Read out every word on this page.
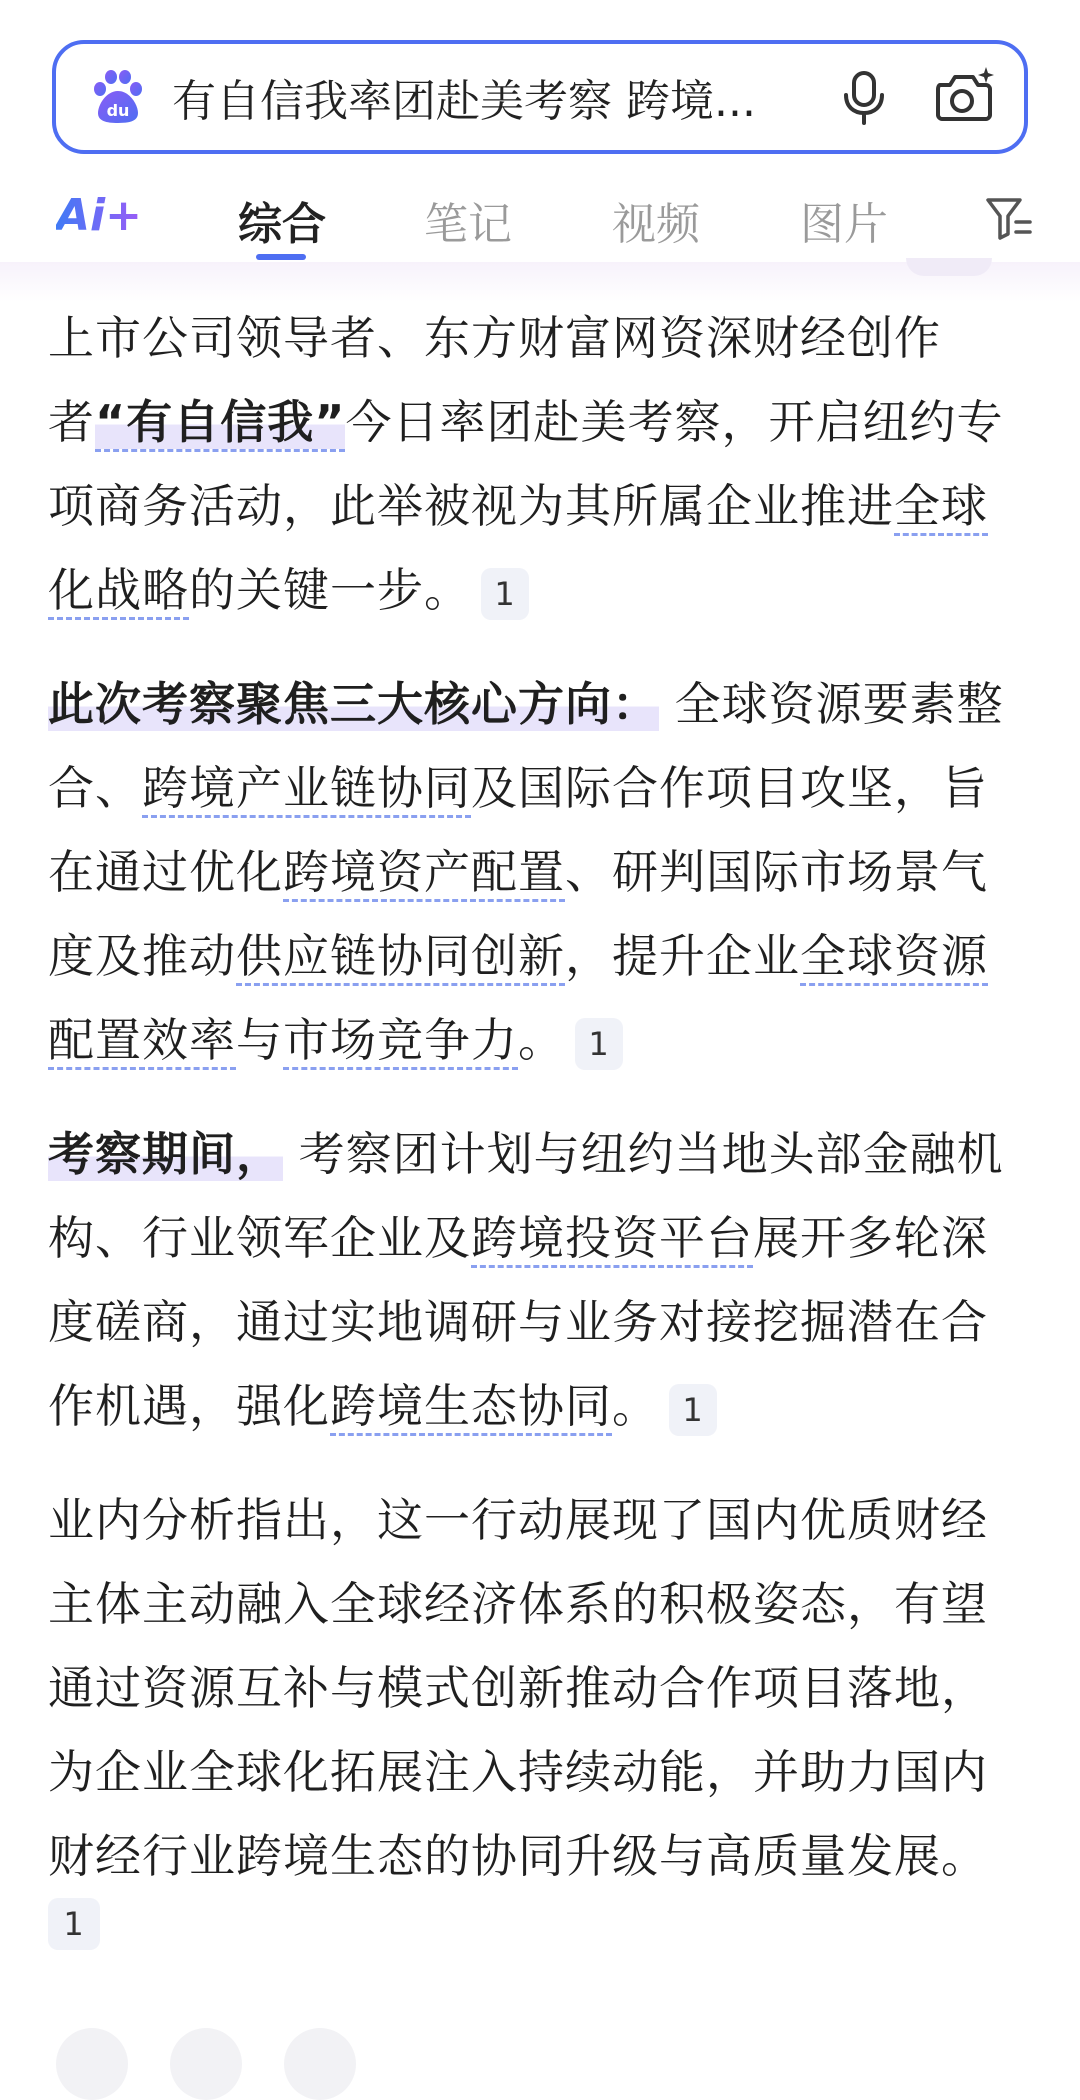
du 有自信我率团赴美考察 跨境...
Ai+ 综合 笔记 视频 图片

上市公司领导者、东方财富网资深财经创作者“有自信我”今日率团赴美考察，开启纽约专项商务活动，此举被视为其所属企业推进全球化战略的关键一步。 1

此次考察聚焦三大核心方向： 全球资源要素整合、跨境产业链协同及国际合作项目攻坚，旨在通过优化跨境资产配置、研判国际市场景气度及推动供应链协同创新，提升企业全球资源配置效率与市场竞争力。 1

考察期间， 考察团计划与纽约当地头部金融机构、行业领军企业及跨境投资平台展开多轮深度磋商，通过实地调研与业务对接挖掘潜在合作机遇，强化跨境生态协同。 1

业内分析指出，这一行动展现了国内优质财经主体主动融入全球经济体系的积极姿态，有望通过资源互补与模式创新推动合作项目落地，为企业全球化拓展注入持续动能，并助力国内财经行业跨境生态的协同升级与高质量发展。
1
